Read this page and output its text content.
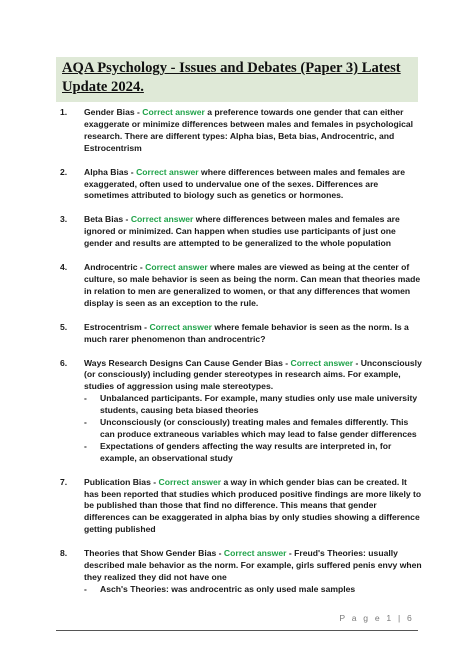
AQA Psychology - Issues and Debates (Paper 3) Latest Update 2024.
1. Gender Bias - Correct answer a preference towards one gender that can either exaggerate or minimize differences between males and females in psychological research. There are different types: Alpha bias, Beta bias, Androcentric, and Estrocentrism
2. Alpha Bias - Correct answer where differences between males and females are exaggerated, often used to undervalue one of the sexes. Differences are sometimes attributed to biology such as genetics or hormones.
3. Beta Bias - Correct answer where differences between males and females are ignored or minimized. Can happen when studies use participants of just one gender and results are attempted to be generalized to the whole population
4. Androcentric - Correct answer where males are viewed as being at the center of culture, so male behavior is seen as being the norm. Can mean that theories made in relation to men are generalized to women, or that any differences that women display is seen as an exception to the rule.
5. Estrocentrism - Correct answer where female behavior is seen as the norm. Is a much rarer phenomenon than androcentric?
6. Ways Research Designs Can Cause Gender Bias - Correct answer - Unconsciously (or consciously) including gender stereotypes in research aims. For example, studies of aggression using male stereotypes.
- Unbalanced participants. For example, many studies only use male university students, causing beta biased theories
- Unconsciously (or consciously) treating males and females differently. This can produce extraneous variables which may lead to false gender differences
- Expectations of genders affecting the way results are interpreted in, for example, an observational study
7. Publication Bias - Correct answer a way in which gender bias can be created. It has been reported that studies which produced positive findings are more likely to be published than those that find no difference. This means that gender differences can be exaggerated in alpha bias by only studies showing a difference getting published
8. Theories that Show Gender Bias - Correct answer - Freud's Theories: usually described male behavior as the norm. For example, girls suffered penis envy when they realized they did not have one
- Asch's Theories: was androcentric as only used male samples
P a g e 1 | 6
